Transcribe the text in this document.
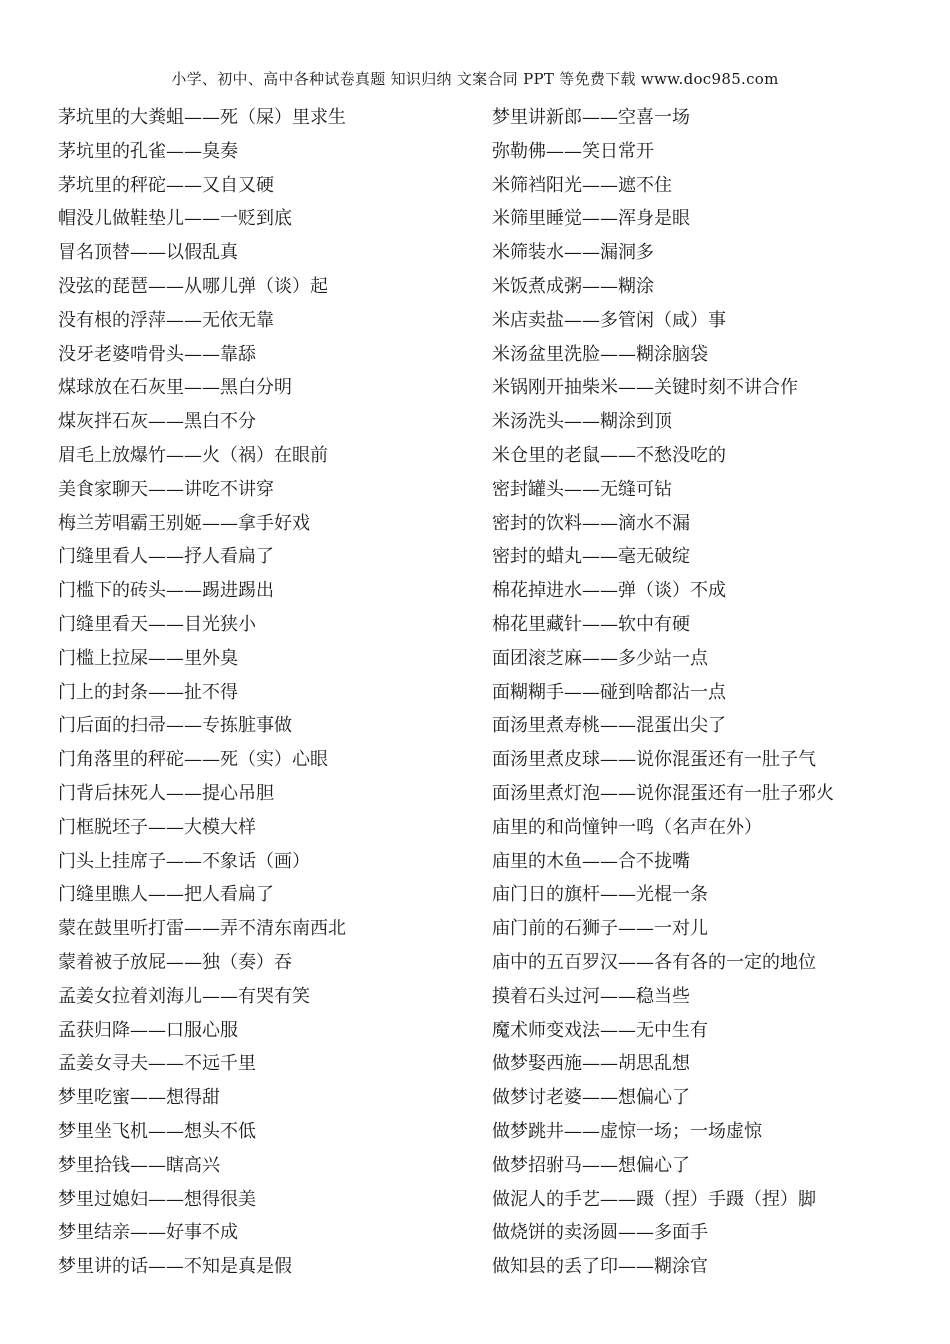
小学、初中、高中各种试卷真题 知识归纳 文案合同 PPT 等免费下载 www.doc985.com
茅坑里的大粪蛆——死（屎）里求生
茅坑里的孔雀——臭奏
茅坑里的秤砣——又自又硬
帽没儿做鞋垫儿——一贬到底
冒名顶替——以假乱真
没弦的琵琶——从哪儿弹（谈）起
没有根的浮萍——无依无靠
没牙老婆啃骨头——靠舔
煤球放在石灰里——黑白分明
煤灰拌石灰——黑白不分
眉毛上放爆竹——火（祸）在眼前
美食家聊天——讲吃不讲穿
梅兰芳唱霸王别姬——拿手好戏
门缝里看人——抒人看扁了
门槛下的砖头——踢进踢出
门缝里看天——目光狭小
门槛上拉屎——里外臭
门上的封条——扯不得
门后面的扫帚——专拣脏事做
门角落里的秤砣——死（实）心眼
门背后抹死人——提心吊胆
门框脱坯子——大模大样
门头上挂席子——不象话（画）
门缝里瞧人——把人看扁了
蒙在鼓里听打雷——弄不清东南西北
蒙着被子放屁——独（奏）吞
孟姜女拉着刘海儿——有哭有笑
孟获归降——口服心服
孟姜女寻夫——不远千里
梦里吃蜜——想得甜
梦里坐飞机——想头不低
梦里拾钱——瞎高兴
梦里过媳妇——想得很美
梦里结亲——好事不成
梦里讲的话——不知是真是假
梦里讲新郎——空喜一场
弥勒佛——笑日常开
米筛裆阳光——遮不住
米筛里睡觉——浑身是眼
米筛装水——漏洞多
米饭煮成粥——糊涂
米店卖盐——多管闲（咸）事
米汤盆里洗脸——糊涂脑袋
米锅刚开抽柴米——关键时刻不讲合作
米汤洗头——糊涂到顶
米仓里的老鼠——不愁没吃的
密封罐头——无缝可钻
密封的饮料——滴水不漏
密封的蜡丸——毫无破绽
棉花掉进水——弹（谈）不成
棉花里藏针——软中有硬
面团滚芝麻——多少站一点
面糊糊手——碰到啥都沾一点
面汤里煮寿桃——混蛋出尖了
面汤里煮皮球——说你混蛋还有一肚子气
面汤里煮灯泡——说你混蛋还有一肚子邪火
庙里的和尚憧钟一鸣（名声在外）
庙里的木鱼——合不拢嘴
庙门日的旗杆——光棍一条
庙门前的石狮子——一对儿
庙中的五百罗汉——各有各的一定的地位
摸着石头过河——稳当些
魔术师变戏法——无中生有
做梦娶西施——胡思乱想
做梦讨老婆——想偏心了
做梦跳井——虚惊一场；一场虚惊
做梦招驸马——想偏心了
做泥人的手艺——蹑（捏）手蹑（捏）脚
做烧饼的卖汤圆——多面手
做知县的丢了印——糊涂官
